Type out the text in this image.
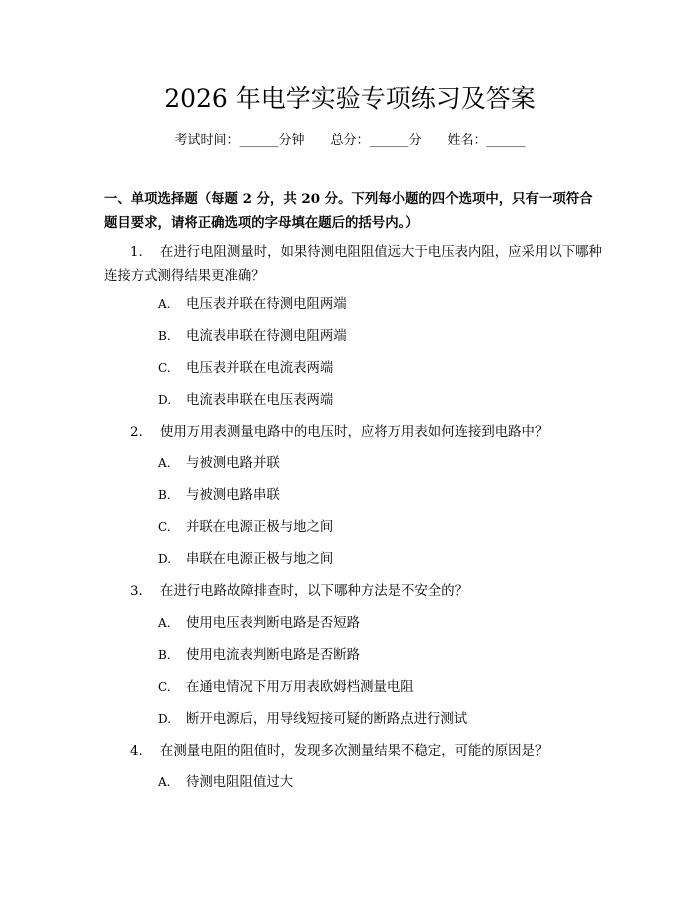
2026 年电学实验专项练习及答案
考试时间：______分钟 总分：______分 姓名：______
一、单项选择题（每题 2 分，共 20 分。下列每小题的四个选项中，只有一项符合题目要求，请将正确选项的字母填在题后的括号内。）
1. 在进行电阻测量时，如果待测电阻阻值远大于电压表内阻，应采用以下哪种连接方式测得结果更准确？
A. 电压表并联在待测电阻两端
B. 电流表串联在待测电阻两端
C. 电压表并联在电流表两端
D. 电流表串联在电压表两端
2. 使用万用表测量电路中的电压时，应将万用表如何连接到电路中？
A. 与被测电路并联
B. 与被测电路串联
C. 并联在电源正极与地之间
D. 串联在电源正极与地之间
3. 在进行电路故障排查时，以下哪种方法是不安全的？
A. 使用电压表判断电路是否短路
B. 使用电流表判断电路是否断路
C. 在通电情况下用万用表欧姆档测量电阻
D. 断开电源后，用导线短接可疑的断路点进行测试
4. 在测量电阻的阻值时，发现多次测量结果不稳定，可能的原因是？
A. 待测电阻阻值过大
